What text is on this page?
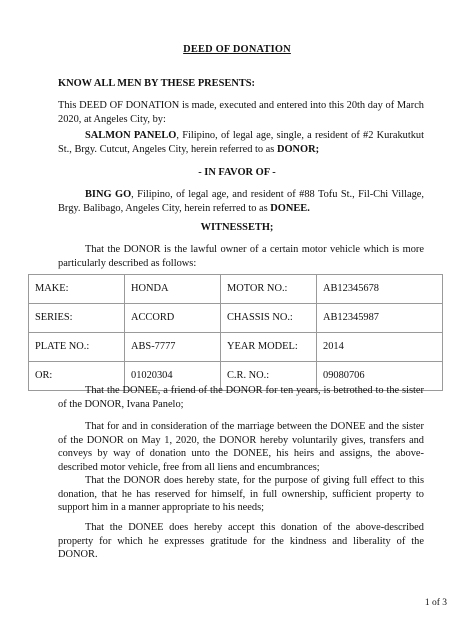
DEED OF DONATION
KNOW ALL MEN BY THESE PRESENTS:
This DEED OF DONATION is made, executed and entered into this 20th day of March 2020, at Angeles City, by:
SALMON PANELO, Filipino, of legal age, single, a resident of #2 Kurakutkut St., Brgy. Cutcut, Angeles City, herein referred to as DONOR;
- IN FAVOR OF -
BING GO, Filipino, of legal age, and resident of #88 Tofu St., Fil-Chi Village, Brgy. Balibago, Angeles City, herein referred to as DONEE.
WITNESSETH;
That the DONOR is the lawful owner of a certain motor vehicle which is more particularly described as follows:
MAKE:	HONDA	MOTOR NO.:	AB12345678
SERIES:	ACCORD	CHASSIS NO.:	AB12345987
PLATE NO.:	ABS-7777	YEAR MODEL:	2014
OR:	01020304	C.R. NO.:	09080706
That the DONEE, a friend of the DONOR for ten years, is betrothed to the sister of the DONOR, Ivana Panelo;
That for and in consideration of the marriage between the DONEE and the sister of the DONOR on May 1, 2020, the DONOR hereby voluntarily gives, transfers and conveys by way of donation unto the DONEE, his heirs and assigns, the above-described motor vehicle, free from all liens and encumbrances;
That the DONOR does hereby state, for the purpose of giving full effect to this donation, that he has reserved for himself, in full ownership, sufficient property to support him in a manner appropriate to his needs;
That the DONEE does hereby accept this donation of the above-described property for which he expresses gratitude for the kindness and liberality of the DONOR.
1 of 3
